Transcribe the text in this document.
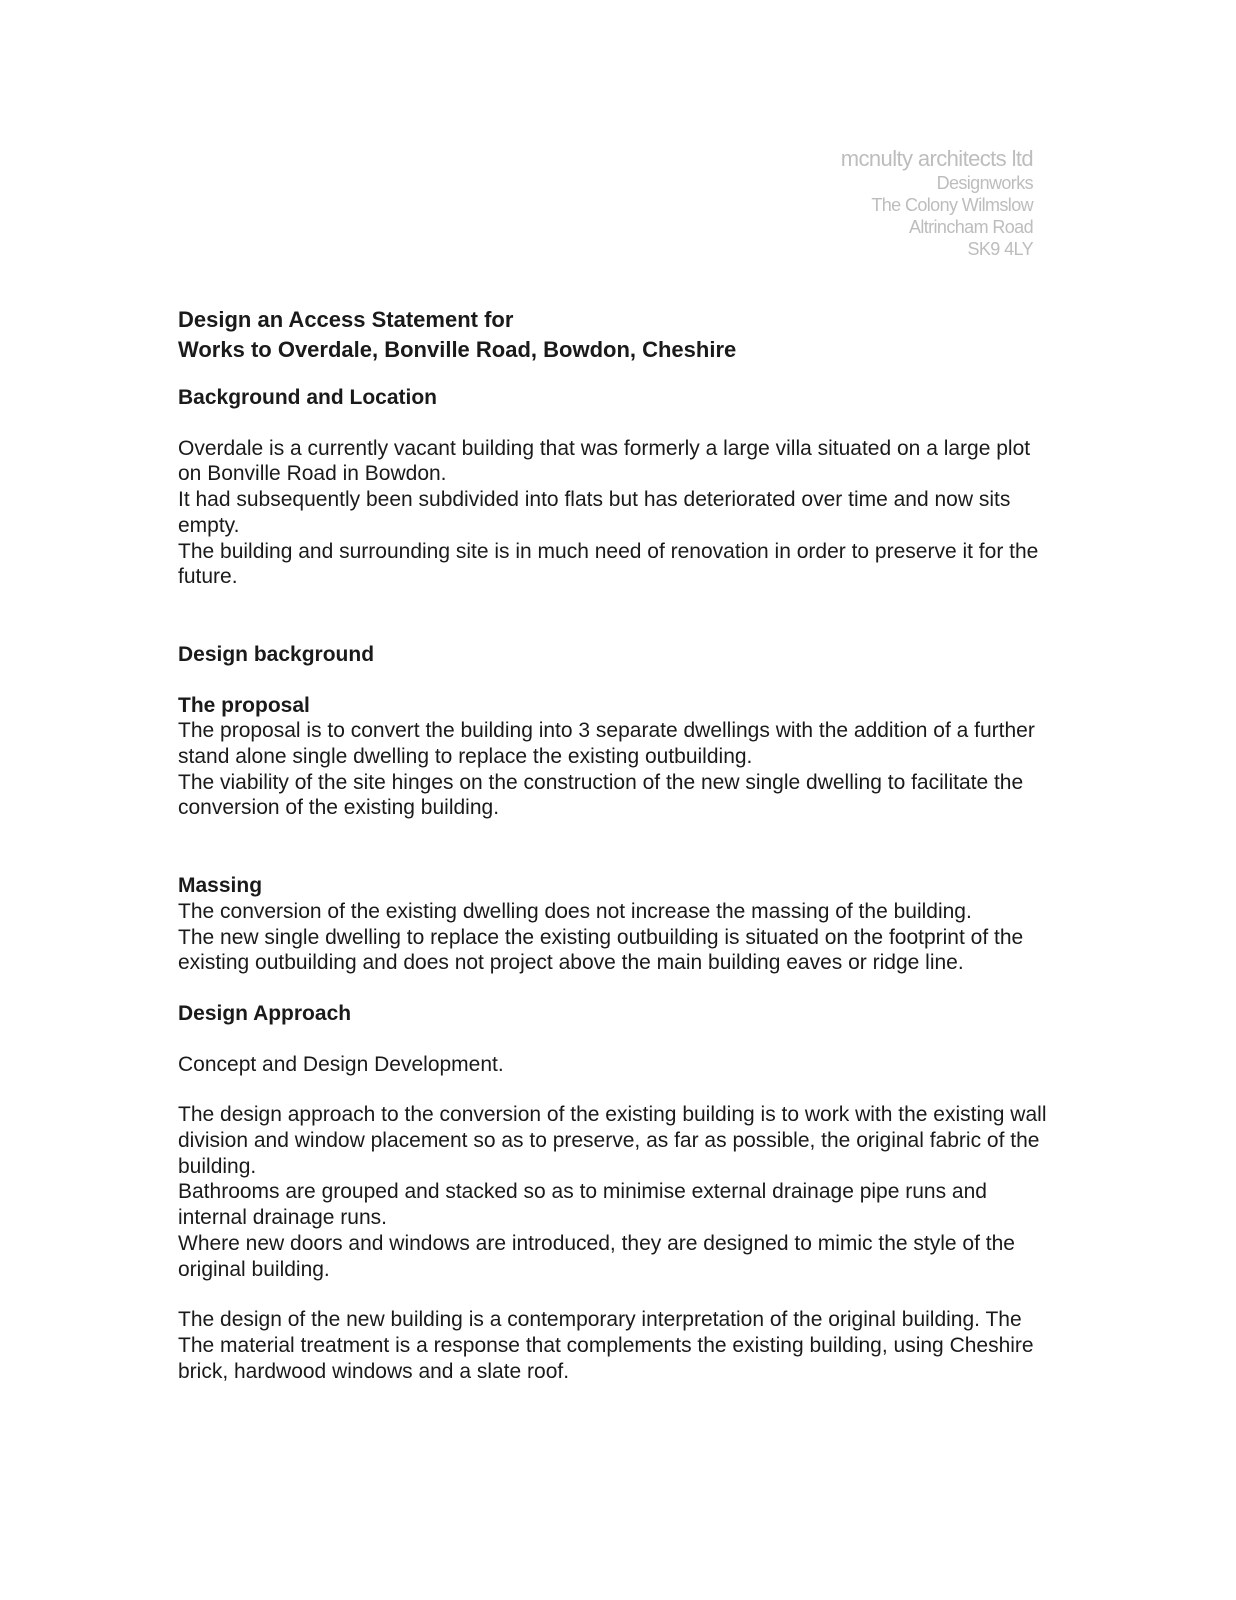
mcnulty architects ltd
Designworks
The Colony Wilmslow
Altrincham Road
SK9 4LY
Design an Access Statement for
Works to Overdale, Bonville Road, Bowdon, Cheshire
Background and Location

Overdale is a currently vacant building that was formerly a large villa situated on a large plot on Bonville Road in Bowdon.

It had subsequently been subdivided into flats but has deteriorated over time and now sits empty.

The building and surrounding site is in much need of renovation in order to preserve it for the future.

Design background
The proposal

The proposal is to convert the building into 3 separate dwellings with the addition of a further stand alone single dwelling to replace the existing outbuilding.

The viability of the site hinges on the construction of the new single dwelling to facilitate the conversion of the existing building.

Massing

The conversion of the existing dwelling does not increase the massing of the building.

The new single dwelling to replace the existing outbuilding is situated on the footprint of the existing outbuilding and does not project above the main building eaves or ridge line.

Design Approach

Concept and Design Development.

The design approach to the conversion of the existing building is to work with the existing wall division and window placement so as to preserve, as far as possible, the original fabric of the building.

Bathrooms are grouped and stacked so as to minimise external drainage pipe runs and internal drainage runs.

Where new doors and windows are introduced, they are designed to mimic the style of the original building.

The design of the new building is a contemporary interpretation of the original building. The The material treatment is a response that complements the existing building, using Cheshire brick, hardwood windows and a slate roof.
